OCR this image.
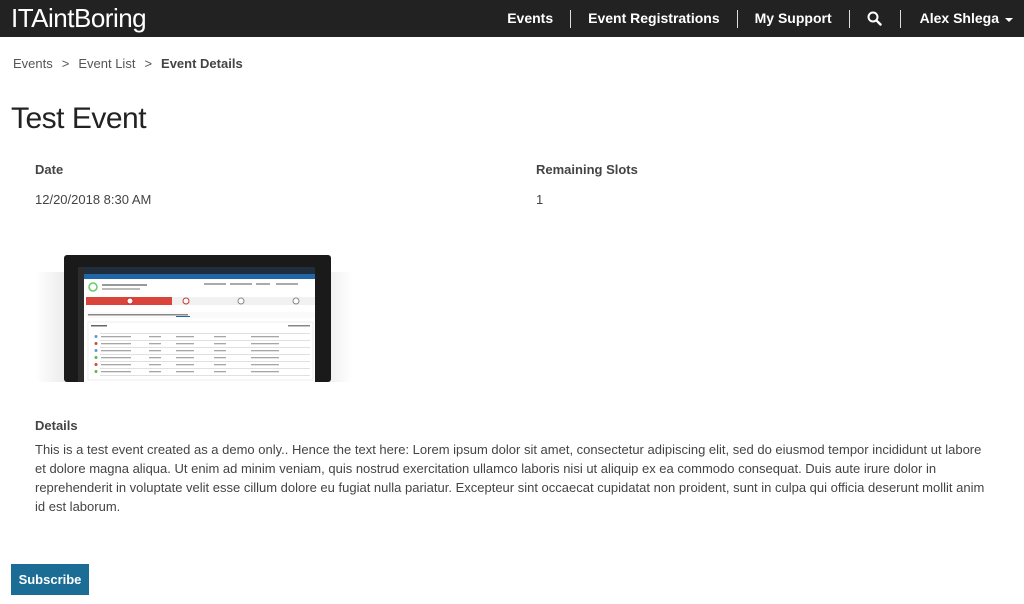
ITAintBoring	Events	Event Registrations	My Support	Alex Shlega
Events > Event List > Event Details
Test Event
Date
12/20/2018 8:30 AM
Remaining Slots
1
Details

This is a test event created as a demo only.. Hence the text here: Lorem ipsum dolor sit amet, consectetur adipiscing elit, sed do eiusmod tempor incididunt ut labore et dolore magna aliqua. Ut enim ad minim veniam, quis nostrud exercitation ullamco laboris nisi ut aliquip ex ea commodo consequat. Duis aute irure dolor in reprehenderit in voluptate velit esse cillum dolore eu fugiat nulla pariatur. Excepteur sint occaecat cupidatat non proident, sunt in culpa qui officia deserunt mollit anim id est laborum.

Subscribe
